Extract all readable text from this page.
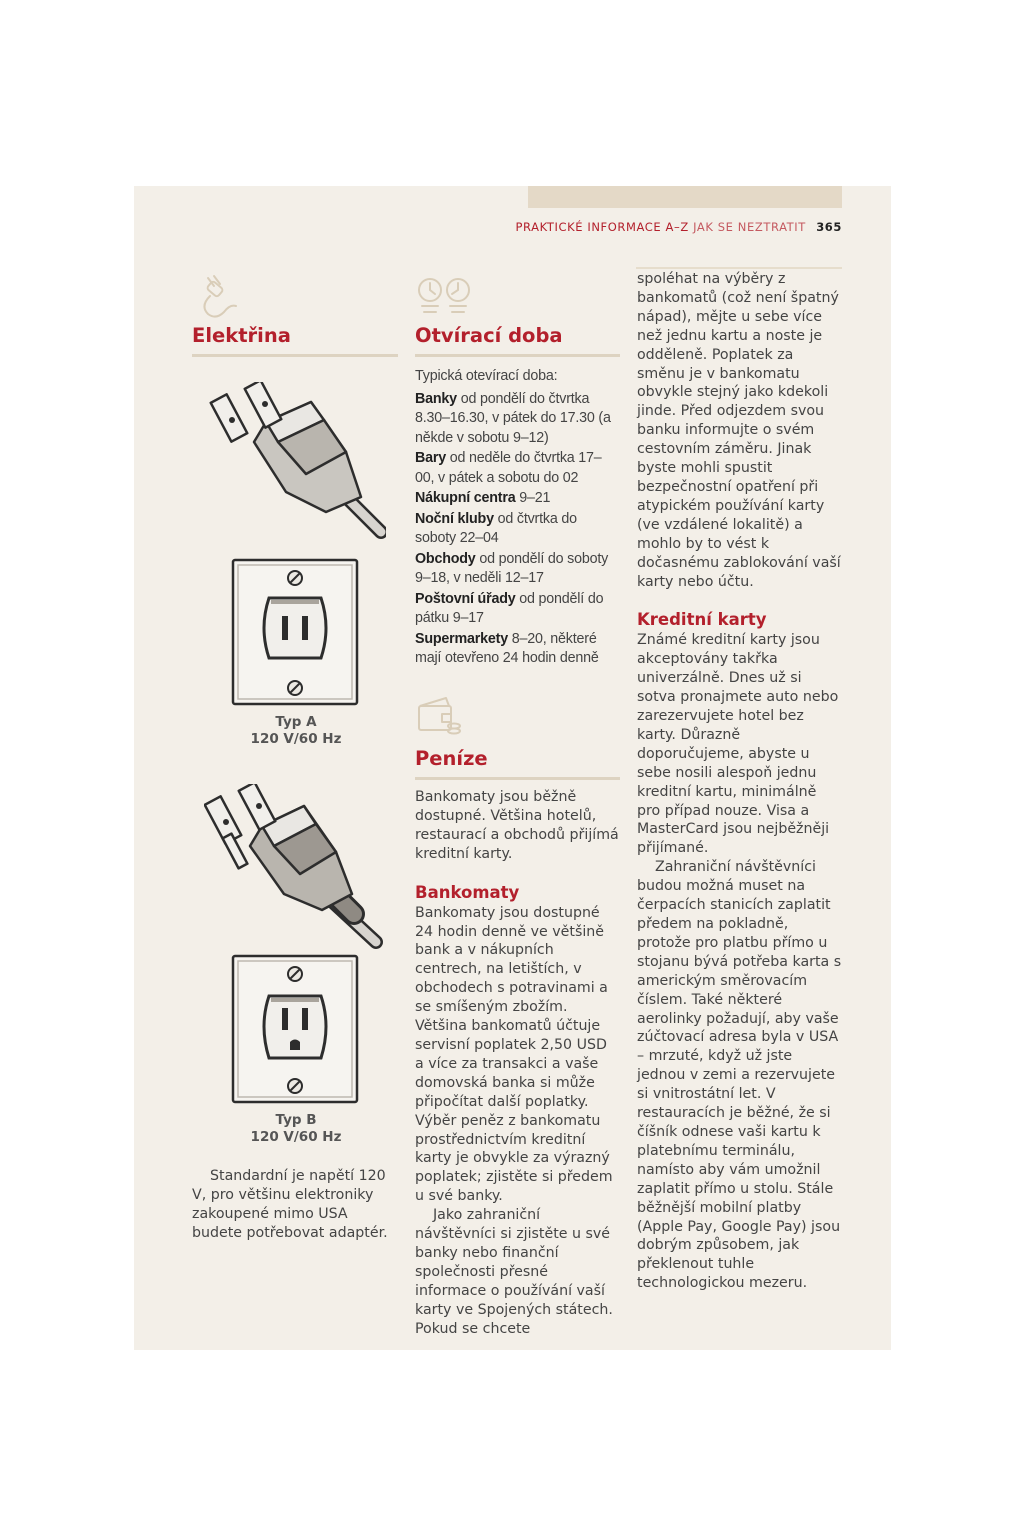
PRAKTICKÉ INFORMACE A–Z JAK SE NEZTRATIT 365
Elektřina
Typ A
120 V/60 Hz
Typ B
120 V/60 Hz

Standardní je napětí 120 V, pro většinu elektroniky zakoupené mimo USA budete potřebovat adaptér.

Otvírací doba

Typická otevírací doba:

Banky od pondělí do čtvrtka 8.30–16.30, v pátek do 17.30 (a někde v sobotu 9–12)

Bary od neděle do čtvrtka 17–00, v pátek a sobotu do 02

Nákupní centra 9–21

Noční kluby od čtvrtka do soboty 22–04

Obchody od pondělí do soboty 9–18, v neděli 12–17

Poštovní úřady od pondělí do pátku 9–17

Supermarkety 8–20, některé mají otevřeno 24 hodin denně

Peníze

Bankomaty jsou běžně dostupné. Většina hotelů, restaurací a obchodů přijímá kreditní karty.

Bankomaty

Bankomaty jsou dostupné 24 hodin denně ve většině bank a v nákupních centrech, na letištích, v obchodech s potravinami a se smíšeným zbožím. Většina bankomatů účtuje servisní poplatek 2,50 USD a více za transakci a vaše domovská banka si může připočítat další poplatky. Výběr peněz z bankomatu prostřednictvím kreditní karty je obvykle za výrazný poplatek; zjistěte si předem u své banky.

Jako zahraniční návštěvníci si zjistěte u své banky nebo finanční společnosti přesné informace o používání vaší karty ve Spojených státech. Pokud se chcete

spoléhat na výběry z bankomatů (což není špatný nápad), mějte u sebe více než jednu kartu a noste je odděleně. Poplatek za směnu je v bankomatu obvykle stejný jako kdekoli jinde. Před odjezdem svou banku informujte o svém cestovním záměru. Jinak byste mohli spustit bezpečnostní opatření při atypickém používání karty (ve vzdálené lokalitě) a mohlo by to vést k dočasnému zablokování vaší karty nebo účtu.

Kreditní karty

Známé kreditní karty jsou akceptovány takřka univerzálně. Dnes už si sotva pronajmete auto nebo zarezervujete hotel bez karty. Důrazně doporučujeme, abyste u sebe nosili alespoň jednu kreditní kartu, minimálně pro případ nouze. Visa a MasterCard jsou nejběžněji přijímané.

Zahraniční návštěvníci budou možná muset na čerpacích stanicích zaplatit předem na pokladně, protože pro platbu přímo u stojanu bývá potřeba karta s americkým směrovacím číslem. Také některé aerolinky požadují, aby vaše zúčtovací adresa byla v USA – mrzuté, když už jste jednou v zemi a rezervujete si vnitrostátní let. V restauracích je běžné, že si číšník odnese vaši kartu k platebnímu terminálu, namísto aby vám umožnil zaplatit přímo u stolu. Stále běžnější mobilní platby (Apple Pay, Google Pay) jsou dobrým způsobem, jak překlenout tuhle technologickou mezeru.
